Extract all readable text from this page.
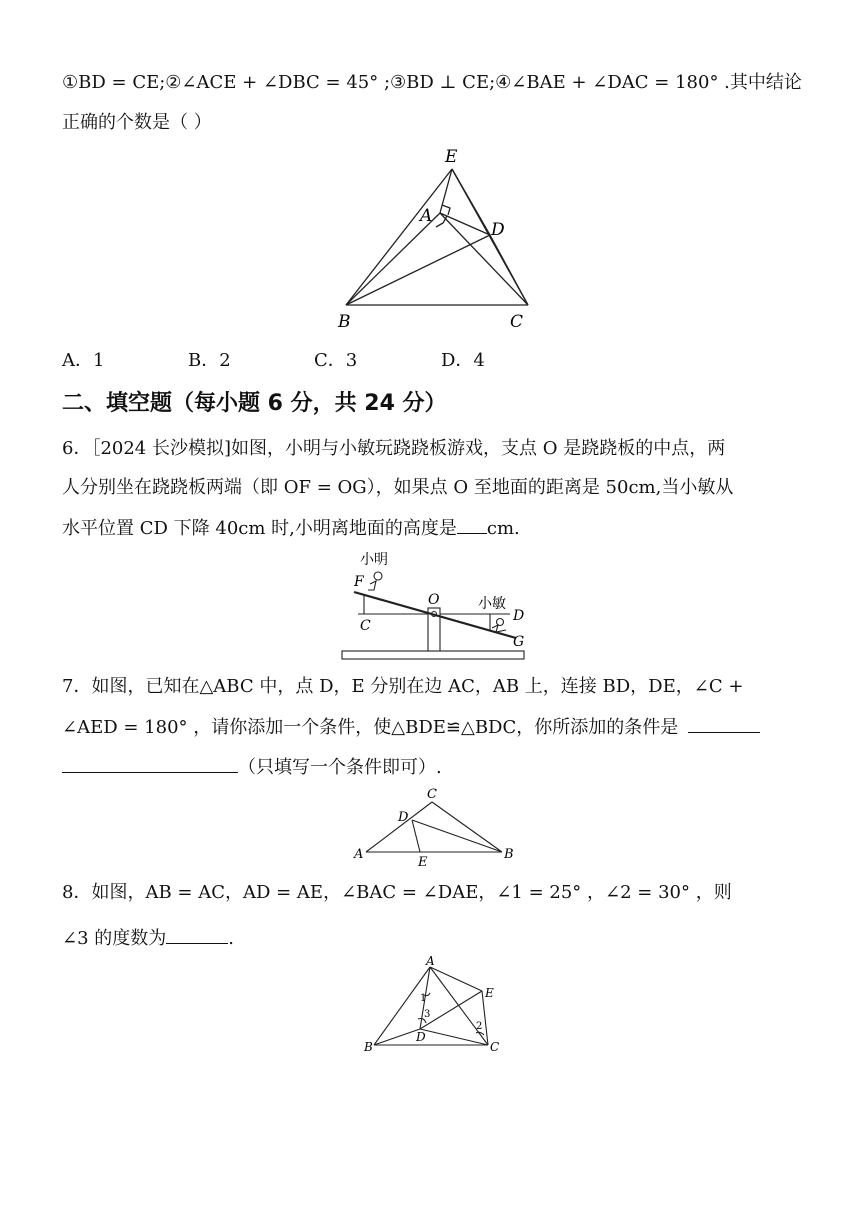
①BD = CE;②∠ACE + ∠DBC = 45° ;③BD ⊥ CE;④∠BAE + ∠DAC = 180° .其中结论
正确的个数是（ ）
E
A
D
B	C
A．1	B．2	C．3	D．4
二、填空题（每小题 6 分，共 24 分）
6．［2024 长沙模拟]如图，小明与小敏玩跷跷板游戏，支点 O 是跷跷板的中点，两
人分别坐在跷跷板两端（即 OF = OG），如果点 O 至地面的距离是 50cm,当小敏从
水平位置 CD 下降 40cm 时,小明离地面的高度是 cm.
小明
小敏
F
O
C
D
G
7．如图，已知在△ABC 中，点 D，E 分别在边 AC，AB 上，连接 BD，DE，∠C +
∠AED = 180° ，请你添加一个条件，使△BDE≌△BDC，你所添加的条件是
（只填写一个条件即可）.
C
D
A
E
B
8．如图，AB = AC，AD = AE，∠BAC = ∠DAE，∠1 = 25° ，∠2 = 30° ，则
∠3 的度数为	.
A
E
B
D
C
1
2
3
